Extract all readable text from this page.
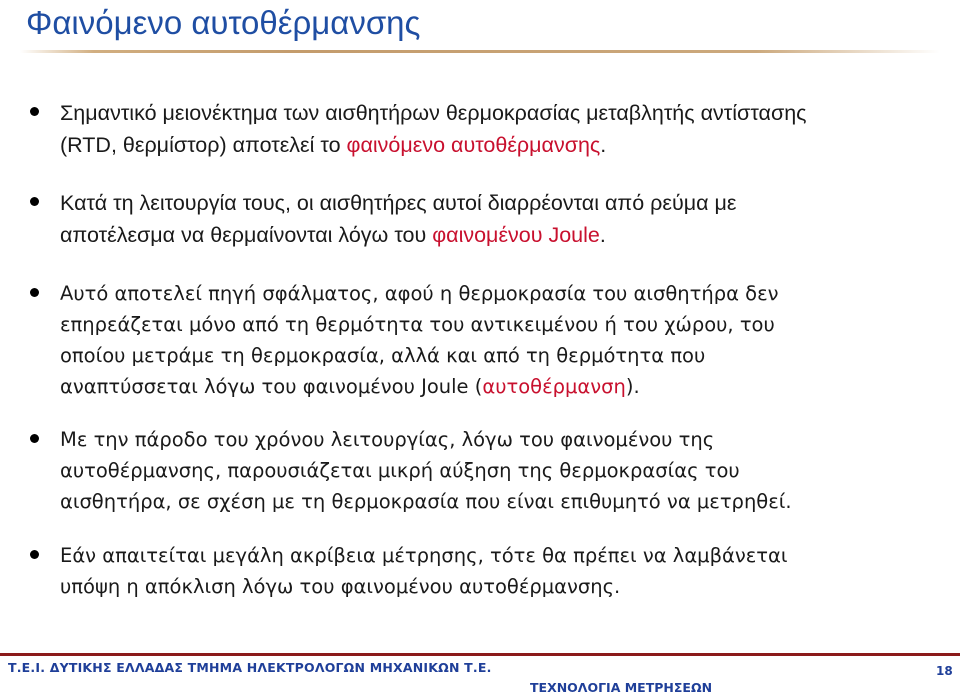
Φαινόμενο αυτοθέρμανσης
Σημαντικό μειονέκτημα των αισθητήρων θερμοκρασίας μεταβλητής αντίστασης
(RTD, θερμίστορ) αποτελεί το φαινόμενο αυτοθέρμανσης.
Κατά τη λειτουργία τους, οι αισθητήρες αυτοί διαρρέονται από ρεύμα με
αποτέλεσμα να θερμαίνονται λόγω του φαινομένου Joule.
Αυτό αποτελεί πηγή σφάλματος, αφού η θερμοκρασία του αισθητήρα δεν
επηρεάζεται μόνο από τη θερμότητα του αντικειμένου ή του χώρου, του
οποίου μετράμε τη θερμοκρασία, αλλά και από τη θερμότητα που
αναπτύσσεται λόγω του φαινομένου Joule (αυτοθέρμανση).
Με την πάροδο του χρόνου λειτουργίας, λόγω του φαινομένου της
αυτοθέρμανσης, παρουσιάζεται μικρή αύξηση της θερμοκρασίας του
αισθητήρα, σε σχέση με τη θερμοκρασία που είναι επιθυμητό να μετρηθεί.
Εάν απαιτείται μεγάλη ακρίβεια μέτρησης, τότε θα πρέπει να λαμβάνεται
υπόψη η απόκλιση λόγω του φαινομένου αυτοθέρμανσης.
Τ.Ε.Ι. ΔΥΤΙΚΗΣ ΕΛΛΑΔΑΣ ΤΜΗΜΑ ΗΛΕΚΤΡΟΛΟΓΩΝ ΜΗΧΑΝΙΚΩΝ Τ.Ε.
ΤΕΧΝΟΛΟΓΙΑ ΜΕΤΡΗΣΕΩΝ
18
